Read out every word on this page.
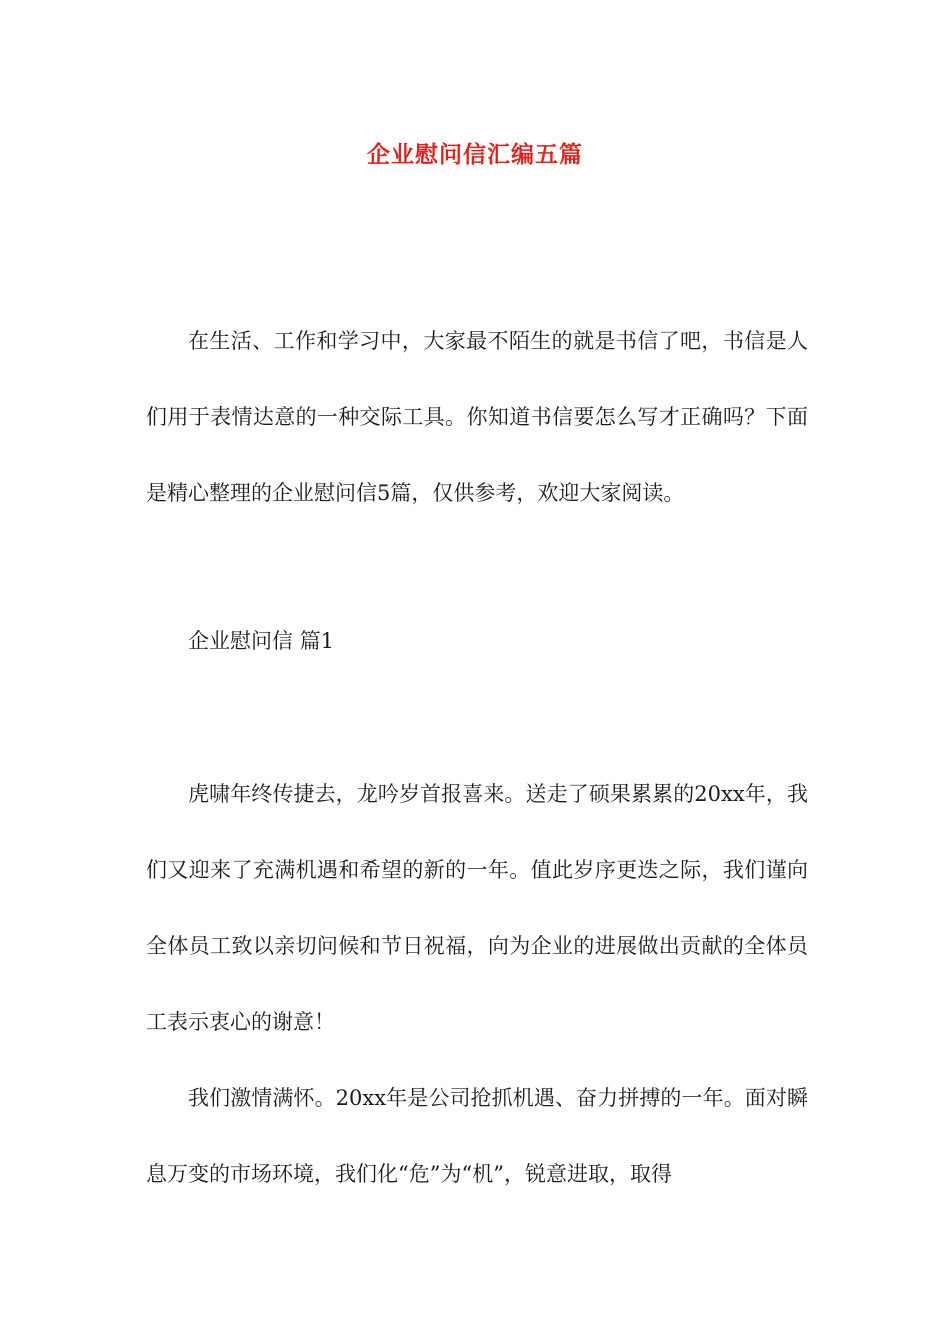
企业慰问信汇编五篇

在生活、工作和学习中，大家最不陌生的就是书信了吧，书信是人们用于表情达意的一种交际工具。你知道书信要怎么写才正确吗？下面是精心整理的企业慰问信5篇，仅供参考，欢迎大家阅读。

企业慰问信 篇1

虎啸年终传捷去，龙吟岁首报喜来。送走了硕果累累的20xx年，我们又迎来了充满机遇和希望的新的一年。值此岁序更迭之际，我们谨向全体员工致以亲切问候和节日祝福，向为企业的进展做出贡献的全体员工表示衷心的谢意！

我们激情满怀。20xx年是公司抢抓机遇、奋力拼搏的一年。面对瞬息万变的市场环境，我们化“危”为“机”，锐意进取，取得
